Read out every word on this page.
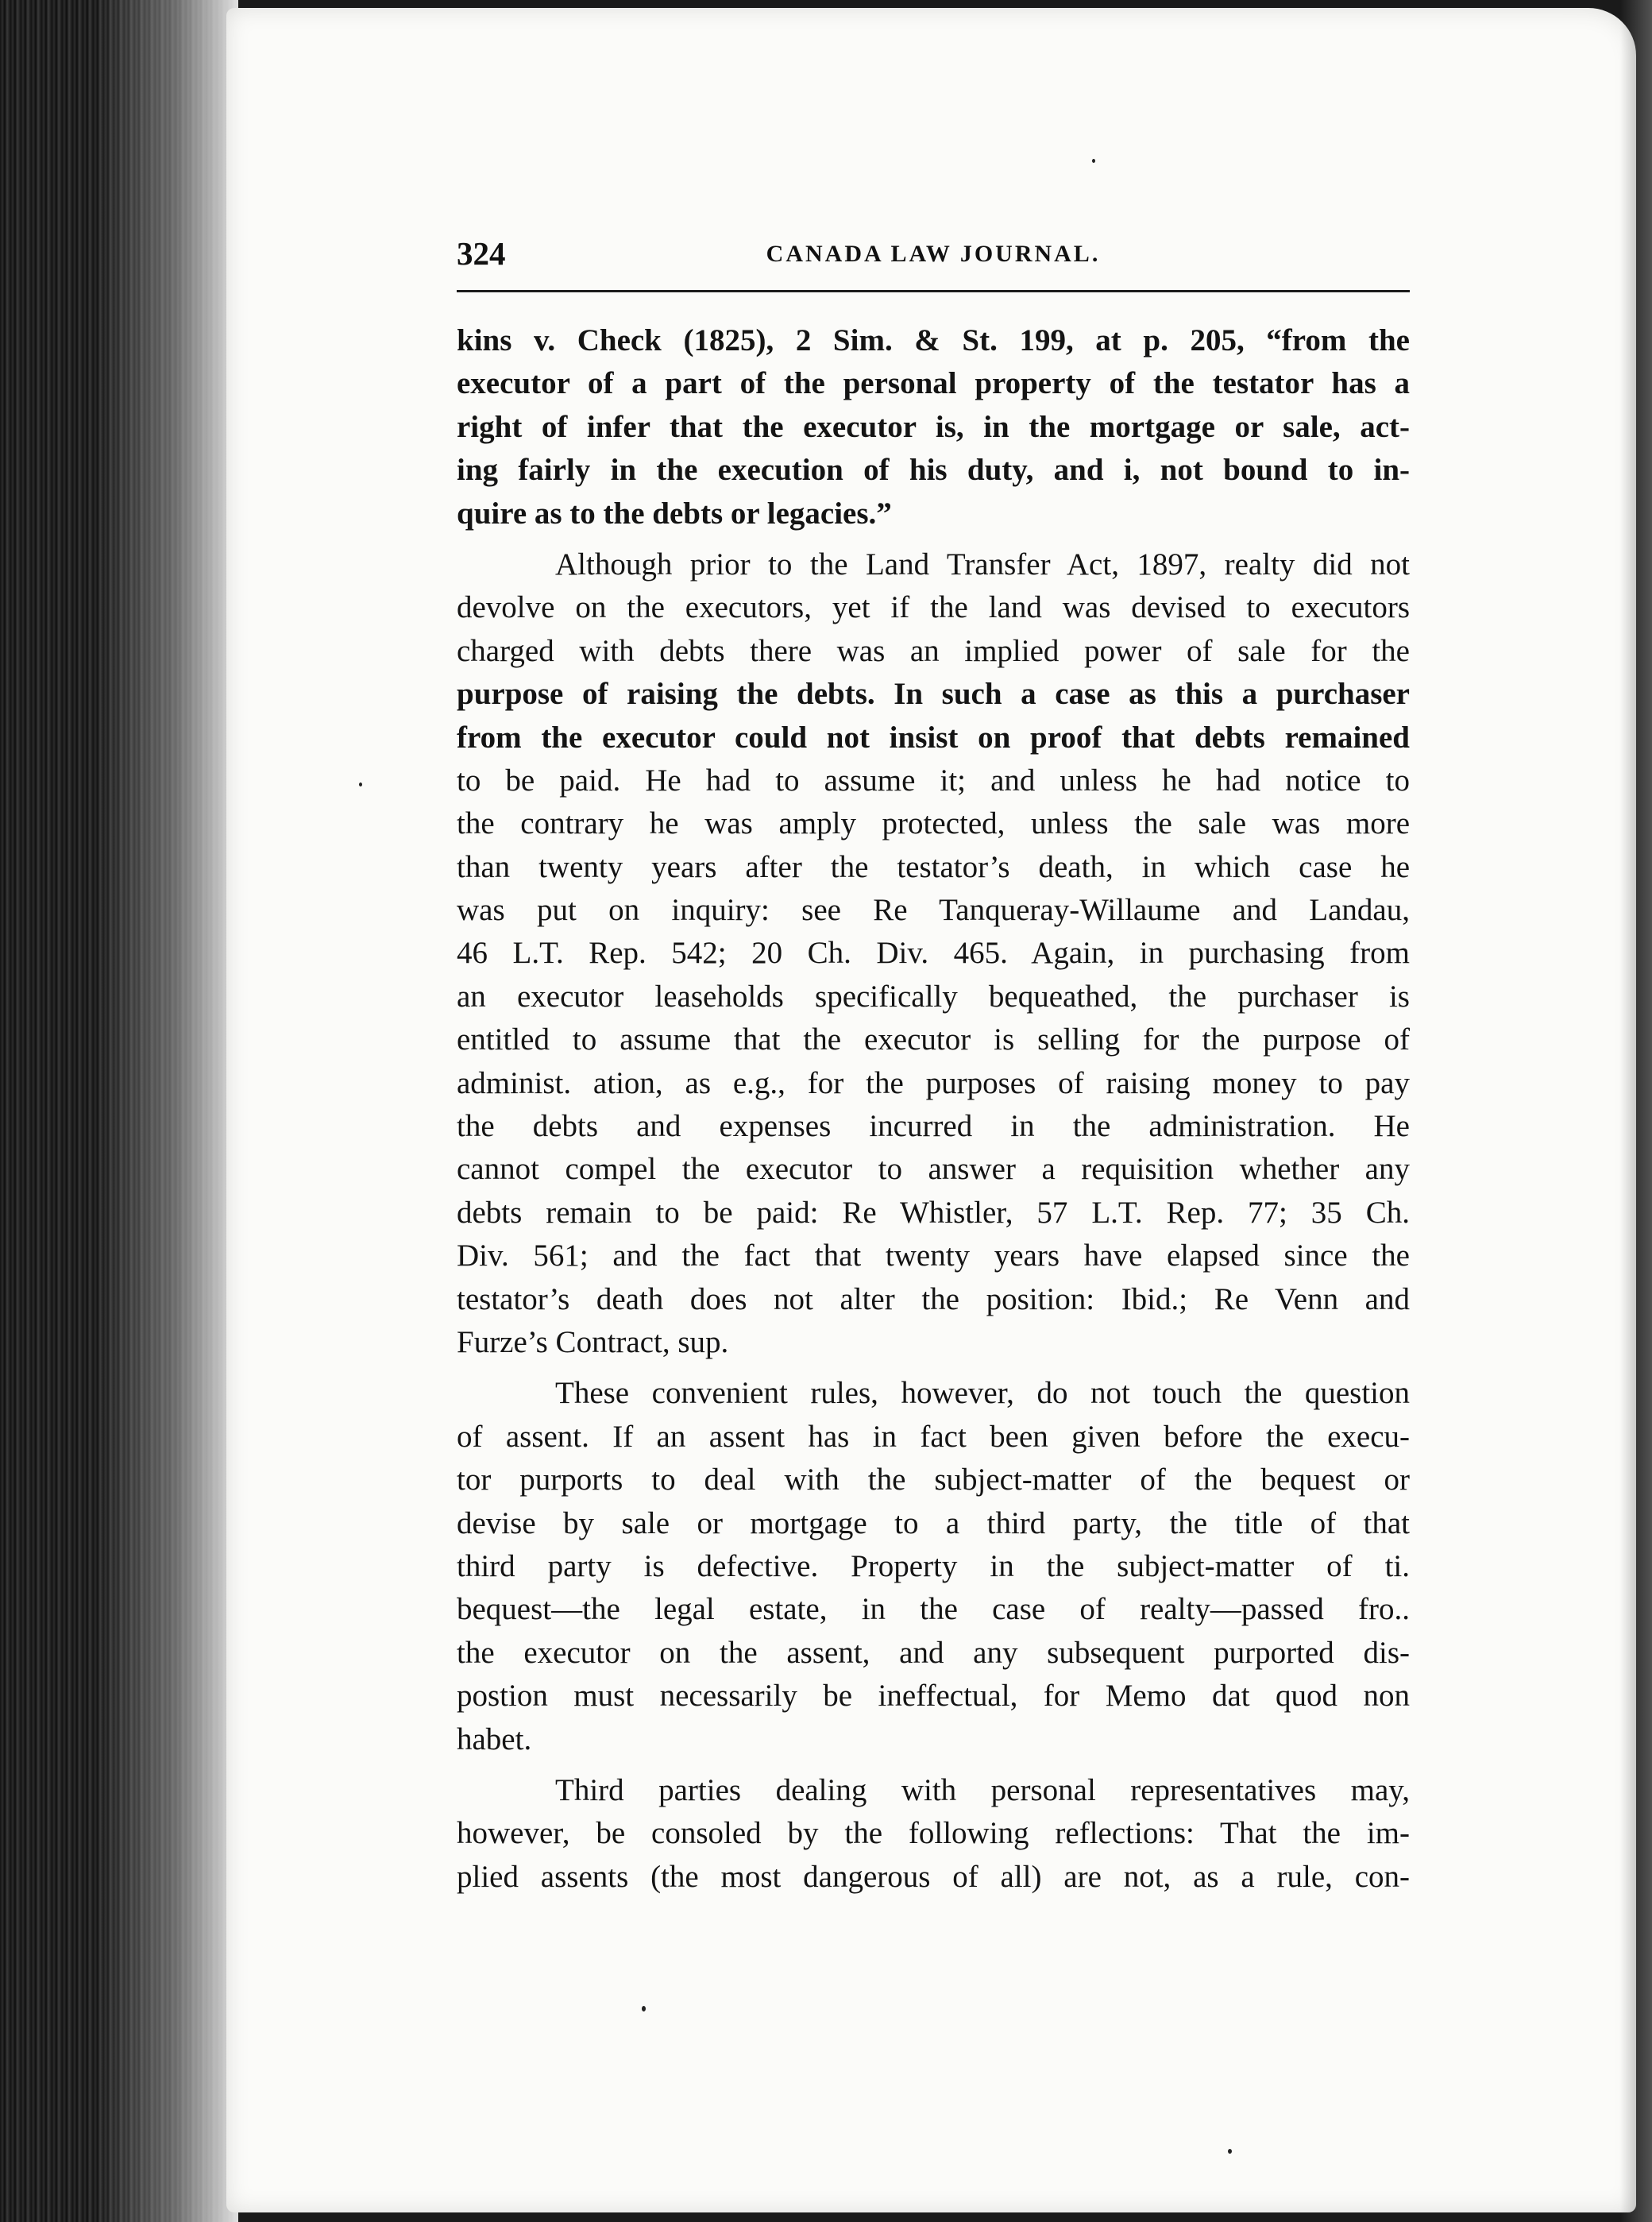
324	CANADA LAW JOURNAL.
kins v. Check (1825), 2 Sim. & St. 199, at p. 205, “from the
executor of a part of the personal property of the testator has a
right of infer that the executor is, in the mortgage or sale, act-
ing fairly in the execution of his duty, and i, not bound to in-
quire as to the debts or legacies.”
Although prior to the Land Transfer Act, 1897, realty did not
devolve on the executors, yet if the land was devised to executors
charged with debts there was an implied power of sale for the
purpose of raising the debts. In such a case as this a purchaser
from the executor could not insist on proof that debts remained
to be paid. He had to assume it; and unless he had notice to
the contrary he was amply protected, unless the sale was more
than twenty years after the testator’s death, in which case he
was put on inquiry: see Re Tanqueray-Willaume and Landau,
46 L.T. Rep. 542; 20 Ch. Div. 465. Again, in purchasing from
an executor leaseholds specifically bequeathed, the purchaser is
entitled to assume that the executor is selling for the purpose of
administ. ation, as e.g., for the purposes of raising money to pay
the debts and expenses incurred in the administration. He
cannot compel the executor to answer a requisition whether any
debts remain to be paid: Re Whistler, 57 L.T. Rep. 77; 35 Ch.
Div. 561; and the fact that twenty years have elapsed since the
testator’s death does not alter the position: Ibid.; Re Venn and
Furze’s Contract, sup.
These convenient rules, however, do not touch the question
of assent. If an assent has in fact been given before the execu-
tor purports to deal with the subject-matter of the bequest or
devise by sale or mortgage to a third party, the title of that
third party is defective. Property in the subject-matter of ti.
bequest—the legal estate, in the case of realty—passed fro..
the executor on the assent, and any subsequent purported dis-
postion must necessarily be ineffectual, for Memo dat quod non
habet.
Third parties dealing with personal representatives may,
however, be consoled by the following reflections: That the im-
plied assents (the most dangerous of all) are not, as a rule, con-
